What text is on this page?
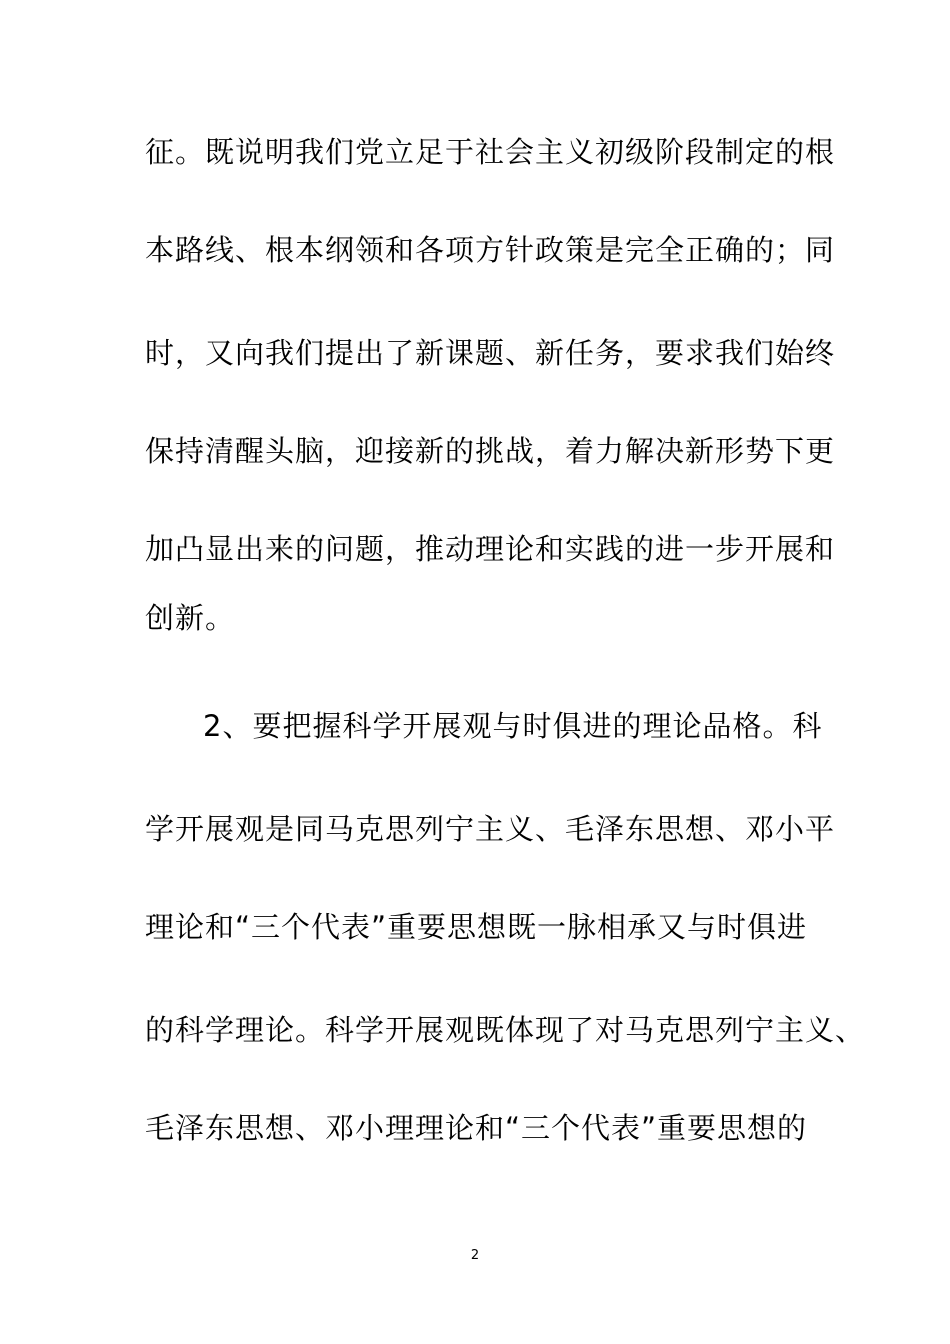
征。既说明我们党立足于社会主义初级阶段制定的根
本路线、根本纲领和各项方针政策是完全正确的；同
时，又向我们提出了新课题、新任务，要求我们始终
保持清醒头脑，迎接新的挑战，着力解决新形势下更
加凸显出来的问题，推动理论和实践的进一步开展和
创新。
2、要把握科学开展观与时俱进的理论品格。科
学开展观是同马克思列宁主义、毛泽东思想、邓小平
理论和“三个代表”重要思想既一脉相承又与时俱进
的科学理论。科学开展观既体现了对马克思列宁主义、
毛泽东思想、邓小理理论和“三个代表”重要思想的
2
